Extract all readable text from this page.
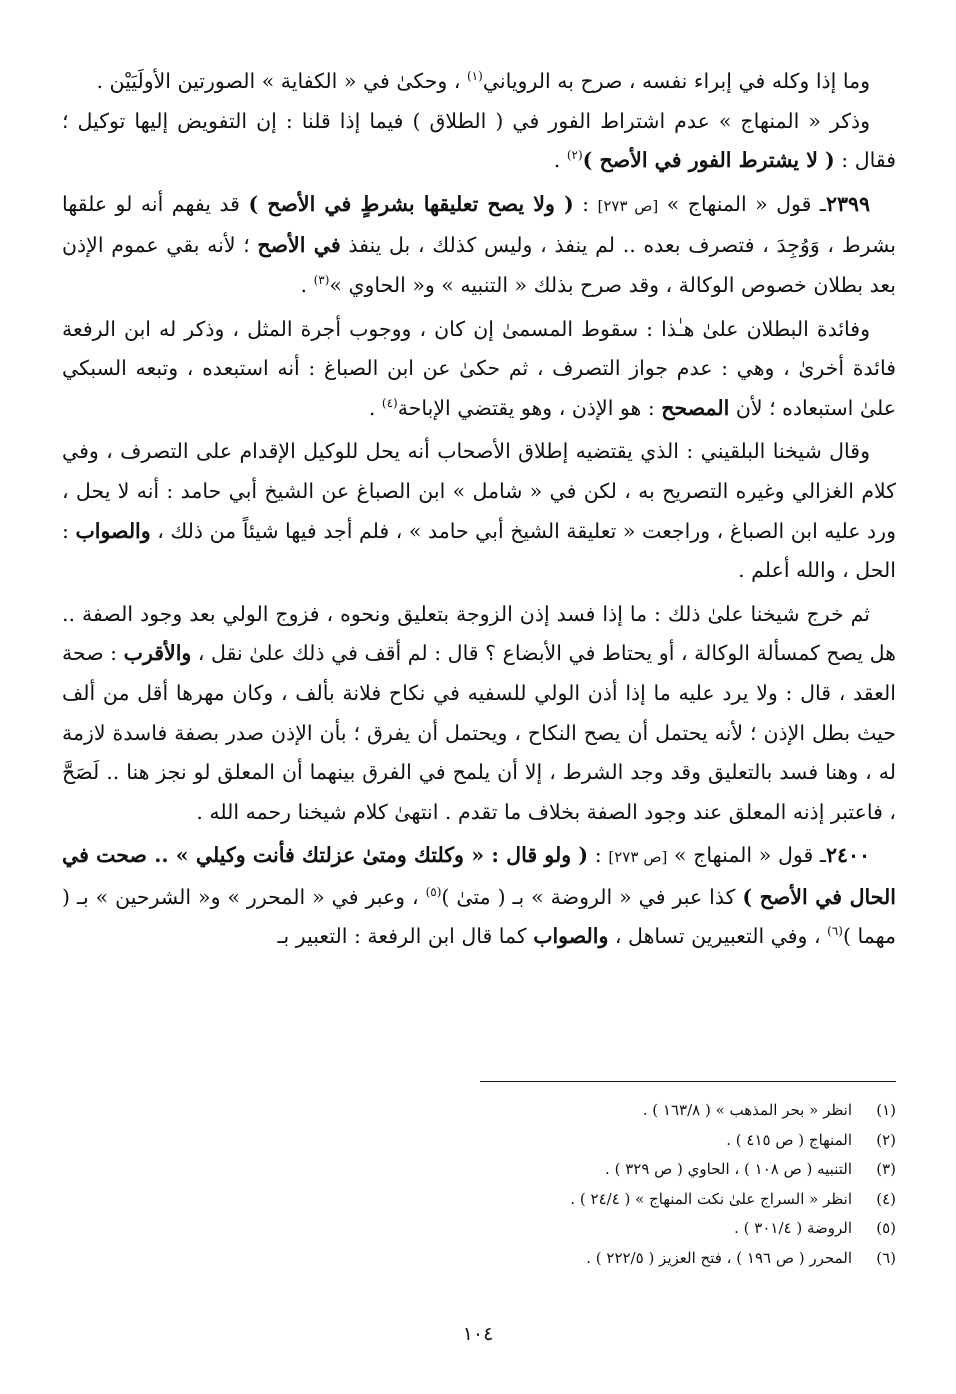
وما إذا وكله في إبراء نفسه ، صرح به الروياني$^{(١)}$ ، وحكىٰ في « الكفاية » الصورتين الأولَيَيْن .

وذكر « المنهاج » عدم اشتراط الفور في ( الطلاق ) فيما إذا قلنا : إن التفويض إليها توكيل ؛ فقال : ( لا يشترط الفور في الأصح )$^{(٢)}$ .

٢٣٩٩ـ قول « المنهاج » [ص ٢٧٣] : ( ولا يصح تعليقها بشرطٍ في الأصح ) قد يفهم أنه لو علقها بشرط ، وَوُجِدَ ، فتصرف بعده .. لم ينفذ ، وليس كذلك ، بل ينفذ في الأصح ؛ لأنه بقي عموم الإذن بعد بطلان خصوص الوكالة ، وقد صرح بذلك « التنبيه » و« الحاوي »$^{(٣)}$ .

وفائدة البطلان علىٰ هـٰذا : سقوط المسمىٰ إن كان ، ووجوب أجرة المثل ، وذكر له ابن الرفعة فائدة أخرىٰ ، وهي : عدم جواز التصرف ، ثم حكىٰ عن ابن الصباغ : أنه استبعده ، وتبعه السبكي علىٰ استبعاده ؛ لأن المصحح : هو الإذن ، وهو يقتضي الإباحة$^{(٤)}$ .

وقال شيخنا البلقيني : الذي يقتضيه إطلاق الأصحاب أنه يحل للوكيل الإقدام على التصرف ، وفي كلام الغزالي وغيره التصريح به ، لكن في « شامل » ابن الصباغ عن الشيخ أبي حامد : أنه لا يحل ، ورد عليه ابن الصباغ ، وراجعت « تعليقة الشيخ أبي حامد » ، فلم أجد فيها شيئاً من ذلك ، والصواب : الحل ، والله أعلم .

ثم خرج شيخنا علىٰ ذلك : ما إذا فسد إذن الزوجة بتعليق ونحوه ، فزوج الولي بعد وجود الصفة .. هل يصح كمسألة الوكالة ، أو يحتاط في الأبضاع ؟ قال : لم أقف في ذلك علىٰ نقل ، والأقرب : صحة العقد ، قال : ولا يرد عليه ما إذا أذن الولي للسفيه في نكاح فلانة بألف ، وكان مهرها أقل من ألف حيث بطل الإذن ؛ لأنه يحتمل أن يصح النكاح ، ويحتمل أن يفرق ؛ بأن الإذن صدر بصفة فاسدة لازمة له ، وهنا فسد بالتعليق وقد وجد الشرط ، إلا أن يلمح في الفرق بينهما أن المعلق لو نجز هنا .. لَصَحَّ ، فاعتبر إذنه المعلق عند وجود الصفة بخلاف ما تقدم . انتهىٰ كلام شيخنا رحمه الله .

٢٤٠٠ـ قول « المنهاج » [ص ٢٧٣] : ( ولو قال : « وكلتك ومتىٰ عزلتك فأنت وكيلي » .. صحت في الحال في الأصح ) كذا عبر في « الروضة » بـ ( متىٰ )$^{(٥)}$ ، وعبر في « المحرر » و« الشرحين » بـ ( مهما )$^{(٦)}$ ، وفي التعبيرين تساهل ، والصواب كما قال ابن الرفعة : التعبير بـ

(١)
انظر « بحر المذهب » ( ١٦٣/٨ ) .
(٢)
المنهاج ( ص ٤١٥ ) .
(٣)
التنبيه ( ص ١٠٨ ) ، الحاوي ( ص ٣٢٩ ) .
(٤)
انظر « السراج علىٰ نكت المنهاج » ( ٢٤/٤ ) .
(٥)
الروضة ( ٣٠١/٤ ) .
(٦)
المحرر ( ص ١٩٦ ) ، فتح العزيز ( ٢٢٢/٥ ) .
١٠٤
